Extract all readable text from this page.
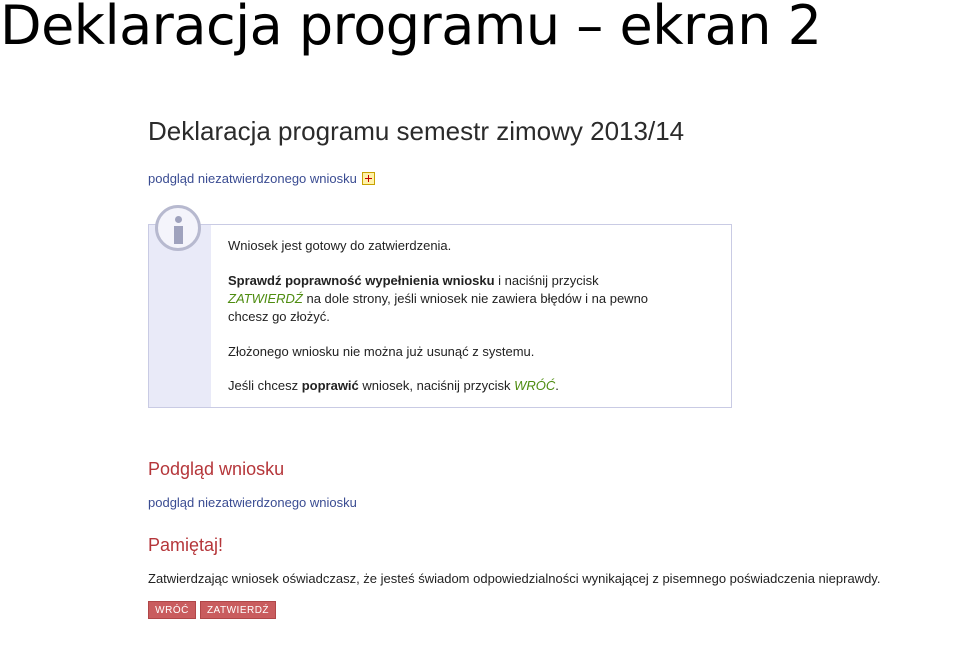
Deklaracja programu – ekran 2
Deklaracja programu semestr zimowy 2013/14
podgląd niezatwierdzonego wniosku
Wniosek jest gotowy do zatwierdzenia.
Sprawdź poprawność wypełnienia wniosku i naciśnij przycisk
ZATWIERDŹ na dole strony, jeśli wniosek nie zawiera błędów i na pewno
chcesz go złożyć.
Złożonego wniosku nie można już usunąć z systemu.
Jeśli chcesz poprawić wniosek, naciśnij przycisk WRÓĆ.
Podgląd wniosku
podgląd niezatwierdzonego wniosku
Pamiętaj!
Zatwierdzając wniosek oświadczasz, że jesteś świadom odpowiedzialności wynikającej z pisemnego poświadczenia nieprawdy.
WRÓĆ	ZATWIERDŹ
